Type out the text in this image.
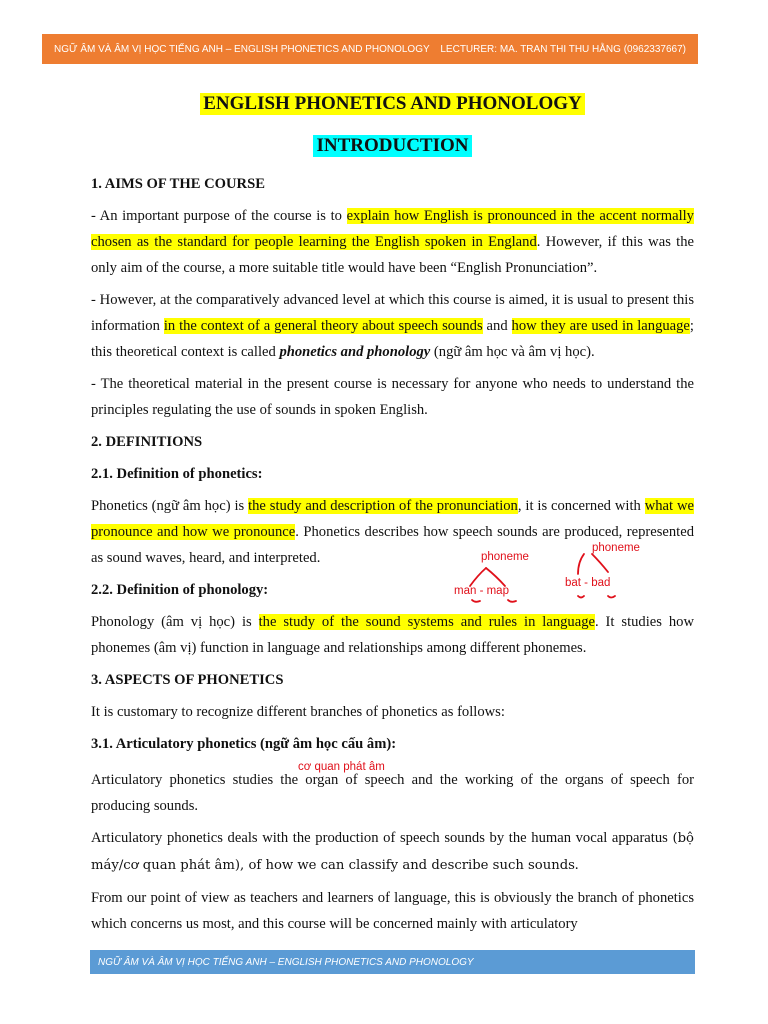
NGỮ ÂM VÀ ÂM VỊ HỌC TIẾNG ANH – ENGLISH PHONETICS AND PHONOLOGY LECTURER: MA. TRAN THI THU HẰNG (0962337667)
ENGLISH PHONETICS AND PHONOLOGY
INTRODUCTION

1. AIMS OF THE COURSE

- An important purpose of the course is to explain how English is pronounced in the accent normally chosen as the standard for people learning the English spoken in England. However, if this was the only aim of the course, a more suitable title would have been “English Pronunciation”.

- However, at the comparatively advanced level at which this course is aimed, it is usual to present this information in the context of a general theory about speech sounds and how they are used in language; this theoretical context is called phonetics and phonology (ngữ âm học và âm vị học).

- The theoretical material in the present course is necessary for anyone who needs to understand the principles regulating the use of sounds in spoken English.

2. DEFINITIONS

2.1. Definition of phonetics:

Phonetics (ngữ âm học) is the study and description of the pronunciation, it is concerned with what we pronounce and how we pronounce. Phonetics describes how speech sounds are produced, represented as sound waves, heard, and interpreted.

2.2. Definition of phonology:

Phonology (âm vị học) is the study of the sound systems and rules in language. It studies how phonemes (âm vị) function in language and relationships among different phonemes.

3. ASPECTS OF PHONETICS

It is customary to recognize different branches of phonetics as follows:

3.1. Articulatory phonetics (ngữ âm học cấu âm):

Articulatory phonetics studies the organ of speech and the working of the organs of speech for producing sounds.

Articulatory phonetics deals with the production of speech sounds by the human vocal apparatus (bộ máy/cơ quan phát âm), of how we can classify and describe such sounds.

From our point of view as teachers and learners of language, this is obviously the branch of phonetics which concerns us most, and this course will be concerned mainly with articulatory

phoneme
man - map
phoneme
bat - bad
cơ quan phát âm
NGỮ ÂM VÀ ÂM VỊ HỌC TIẾNG ANH – ENGLISH PHONETICS AND PHONOLOGY
